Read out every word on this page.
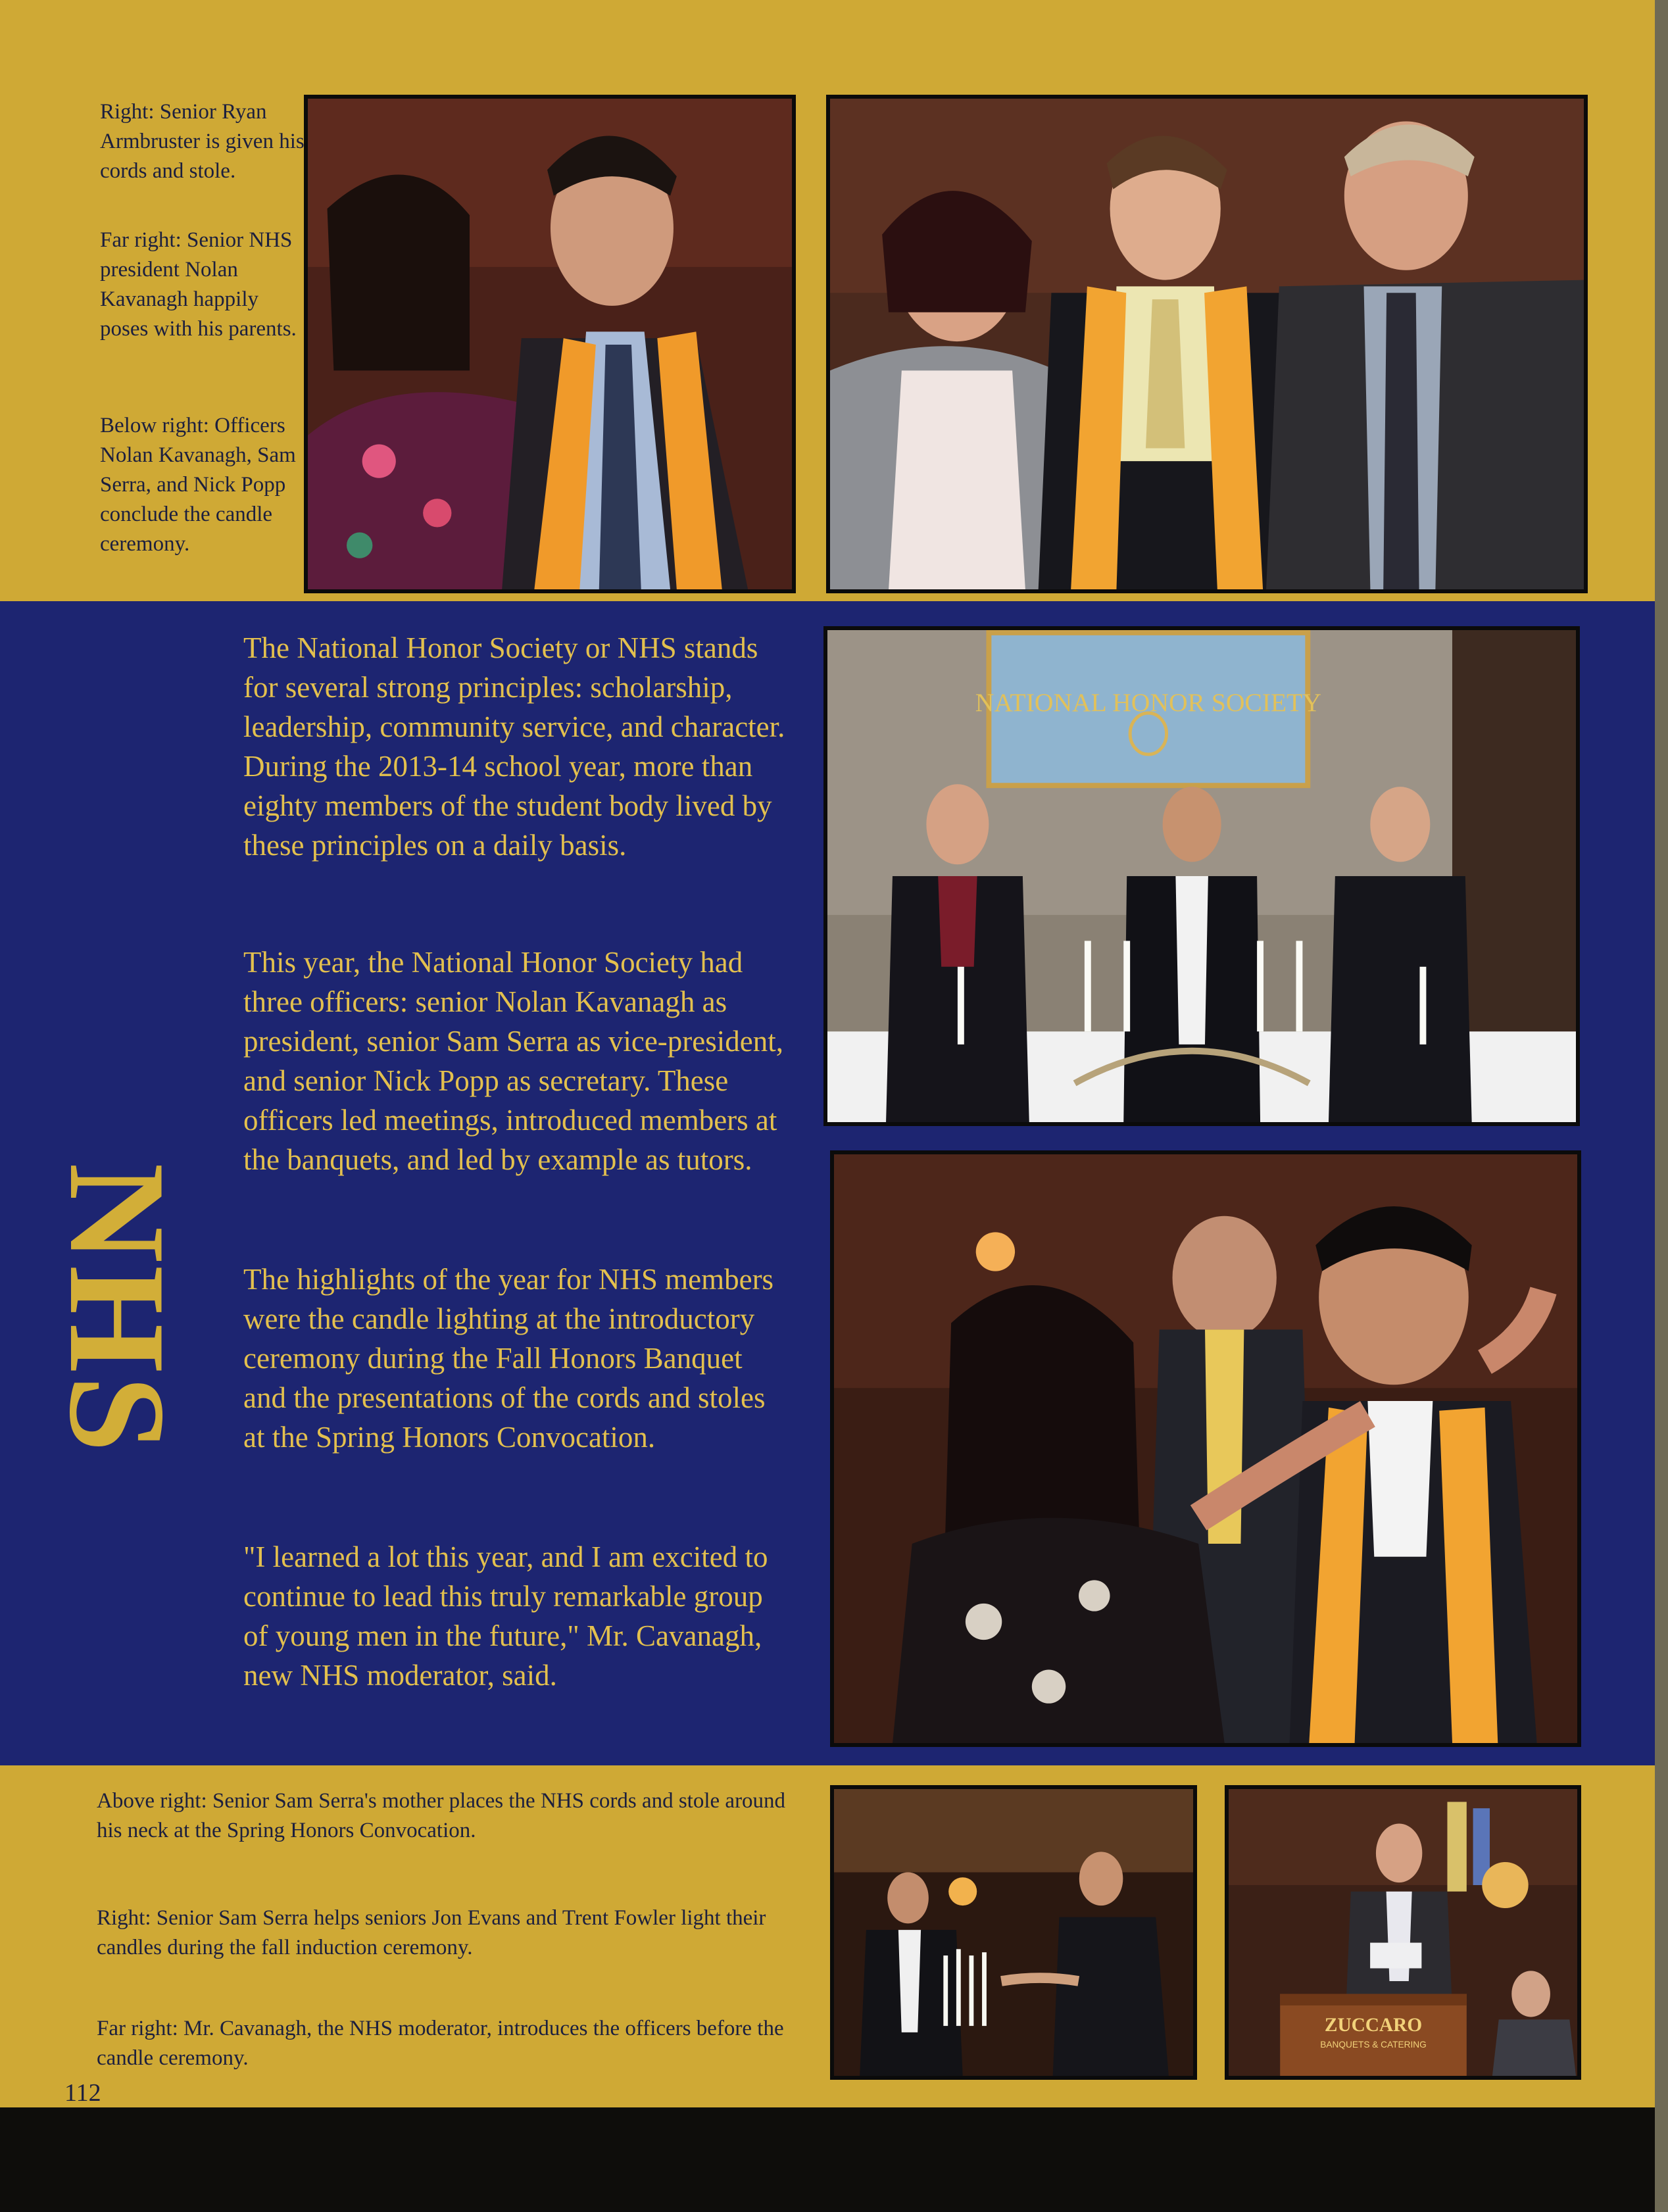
Right: Senior Ryan Armbruster is given his cords and stole.

Far right: Senior NHS president Nolan Kavanagh happily poses with his parents.

Below right: Officers Nolan Kavanagh, Sam Serra, and Nick Popp conclude the candle ceremony.

NHS

The National Honor Society or NHS stands for several strong principles: scholarship, leadership, community service, and character. During the 2013-14 school year, more than eighty members of the student body lived by these principles on a daily basis.

This year, the National Honor Society had three officers: senior Nolan Kavanagh as president, senior Sam Serra as vice-president, and senior Nick Popp as secretary. These officers led meetings, introduced members at the banquets, and led by example as tutors.

The highlights of the year for NHS members were the candle lighting at the introductory ceremony during the Fall Honors Banquet and the presentations of the cords and stoles at the Spring Honors Convocation.

"I learned a lot this year, and I am excited to continue to lead this truly remarkable group of young men in the future," Mr. Cavanagh, new NHS moderator, said.

NATIONAL HONOR SOCIETY

Above right: Senior Sam Serra's mother places the NHS cords and stole around his neck at the Spring Honors Convocation.

Right: Senior Sam Serra helps seniors Jon Evans and Trent Fowler light their candles during the fall induction ceremony.

Far right: Mr. Cavanagh, the NHS moderator, introduces the officers before the candle ceremony.

ZUCCARO
BANQUETS & CATERING
112
